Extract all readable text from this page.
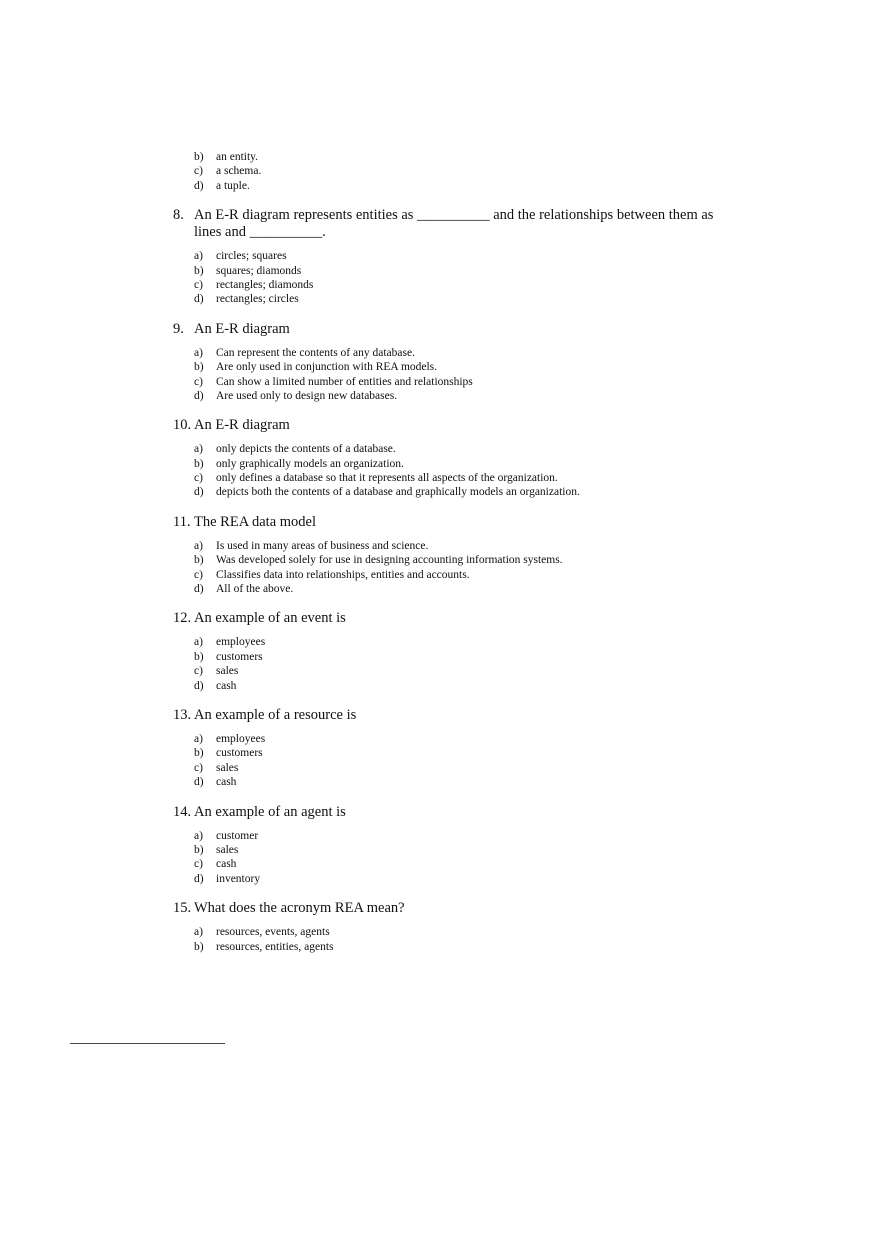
b) an entity.
c) a schema.
d) a tuple.
8. An E-R diagram represents entities as __________ and the relationships between them as lines and __________.
a) circles; squares
b) squares; diamonds
c) rectangles; diamonds
d) rectangles; circles
9. An E-R diagram
a) Can represent the contents of any database.
b) Are only used in conjunction with REA models.
c) Can show a limited number of entities and relationships
d) Are used only to design new databases.
10. An E-R diagram
a) only depicts the contents of a database.
b) only graphically models an organization.
c) only defines a database so that it represents all aspects of the organization.
d) depicts both the contents of a database and graphically models an organization.
11. The REA data model
a) Is used in many areas of business and science.
b) Was developed solely for use in designing accounting information systems.
c) Classifies data into relationships, entities and accounts.
d) All of the above.
12. An example of an event is
a) employees
b) customers
c) sales
d) cash
13. An example of a resource is
a) employees
b) customers
c) sales
d) cash
14. An example of an agent is
a) customer
b) sales
c) cash
d) inventory
15. What does the acronym REA mean?
a) resources, events, agents
b) resources, entities, agents
